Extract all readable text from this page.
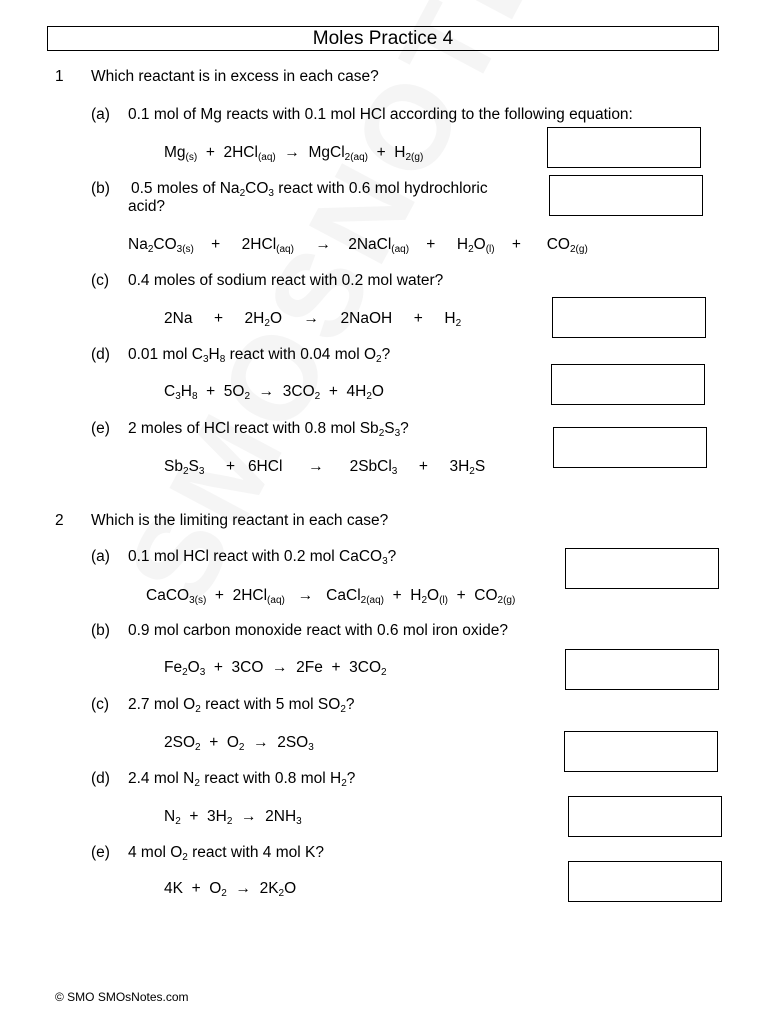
Moles Practice 4
1 Which reactant is in excess in each case?
(a) 0.1 mol of Mg reacts with 0.1 mol HCl according to the following equation:
$Mg_{(s)} + 2HCl_{(aq)}$  →  MgCl$_{2(aq)}$  +  $H_{2(g)}$
(b) 0.5 moles of $Na_2CO_3$ react with 0.6 mol hydrochloric
acid?
$Na_2CO_{3(s)}$    +     2HCl$_{(aq)}$     →    2NaCl$_{(aq)}$    +     $H_2O_{(l)}$    +      $CO_{2(g)}$
(c) 0.4 moles of sodium react with 0.2 mol water?
2Na     +     $2H_2O$     →     2NaOH     +     $H_2$
(d) 0.01 mol $C_3H_8$ react with 0.04 mol $O_2$?
$C_3H_8 + 5O_2 \to 3CO_2 + 4H_2O$
(e) 2 moles of HCl react with 0.8 mol $Sb_2S_3$?
$Sb_2S_3$     +   6HCl      →      2SbCl$_3$     +     $3H_2S$
2 Which is the limiting reactant in each case?
(a) 0.1 mol HCl react with 0.2 mol CaCO$_3$?
CaCO$_{3(s)}$  +  2HCl$_{(aq)}$   →   CaCl$_{2(aq)}$  +  $H_2O_{(l)} + CO_{2(g)}$
(b) 0.9 mol carbon monoxide react with 0.6 mol iron oxide?
$Fe_2O_3 + 3CO \to 2Fe + 3CO_2$
(c) 2.7 mol $O_2$ react with 5 mol $SO_2$?
$2SO_2 + O_2 \to 2SO_3$
(d) 2.4 mol $N_2$ react with 0.8 mol $H_2$?
$N_2 + 3H_2 \to 2NH_3$
(e) 4 mol $O_2$ react with 4 mol K?
$4K + O_2 \to 2K_2O$
© SMO SMOsNotes.com
